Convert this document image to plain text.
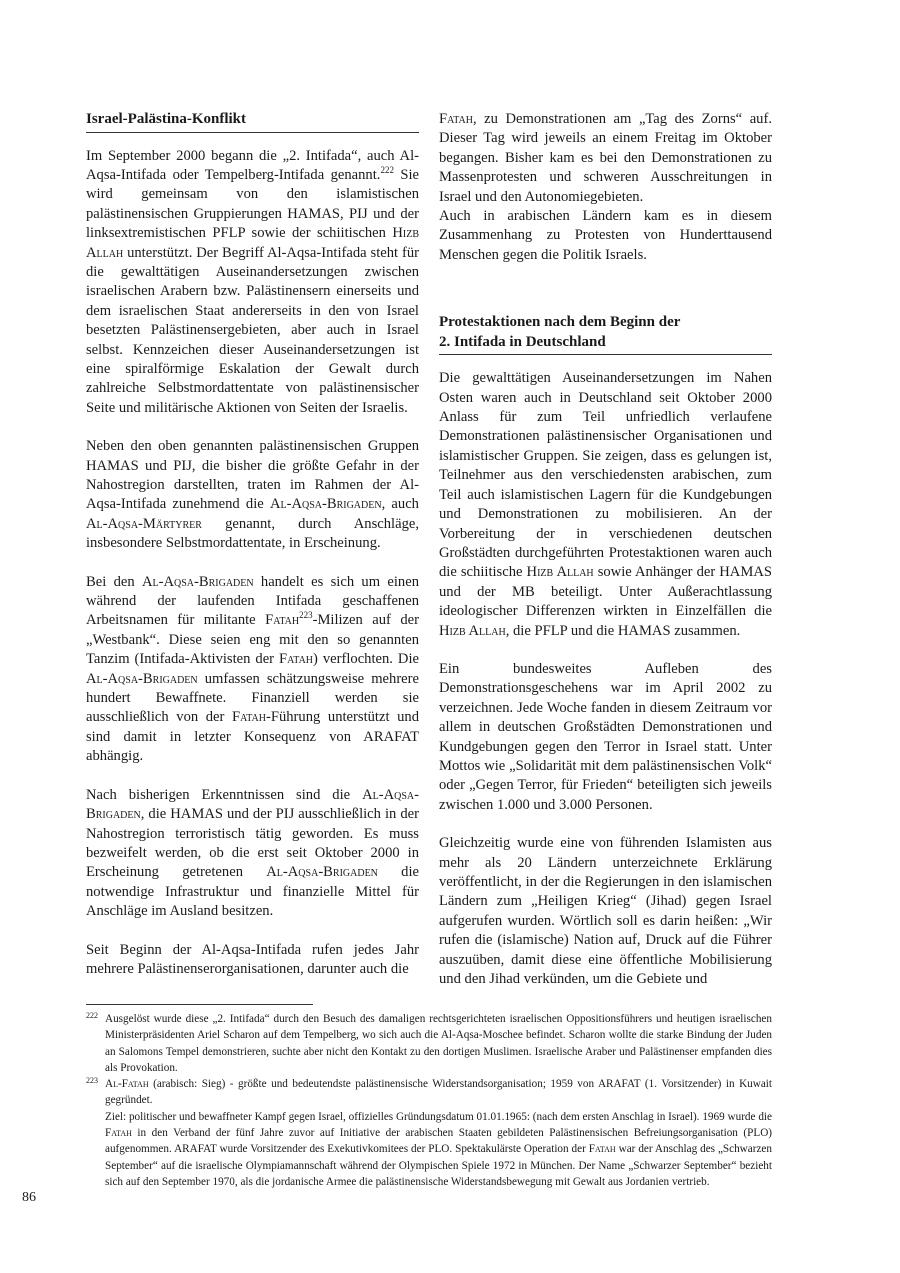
Israel-Palästina-Konflikt

Im September 2000 begann die „2. Intifada“, auch Al-Aqsa-Intifada oder Tempelberg-Intifada genannt.$^{222}$ Sie wird gemeinsam von den islamistischen palästinensischen Gruppierungen HAMAS, PIJ und der linksextremistischen PFLP sowie der schiitischen Hizb Allah unterstützt. Der Begriff Al-Aqsa-Intifada steht für die gewalttätigen Auseinandersetzungen zwischen israelischen Arabern bzw. Palästinensern einerseits und dem israelischen Staat andererseits in den von Israel besetzten Palästinensergebieten, aber auch in Israel selbst. Kennzeichen dieser Auseinandersetzungen ist eine spiralförmige Eskalation der Gewalt durch zahlreiche Selbstmordattentate von palästinensischer Seite und militärische Aktionen von Seiten der Israelis.

Neben den oben genannten palästinensischen Gruppen HAMAS und PIJ, die bisher die größte Gefahr in der Nahostregion darstellten, traten im Rahmen der Al-Aqsa-Intifada zunehmend die Al-Aqsa-Brigaden, auch Al-Aqsa-Märtyrer genannt, durch Anschläge, insbesondere Selbstmordattentate, in Erscheinung.

Bei den Al-Aqsa-Brigaden handelt es sich um einen während der laufenden Intifada geschaffenen Arbeitsnamen für militante Fatah$^{223}$-Milizen auf der „Westbank“. Diese seien eng mit den so genannten Tanzim (Intifada-Aktivisten der Fatah) verflochten. Die Al-Aqsa-Brigaden umfassen schätzungsweise mehrere hundert Bewaffnete. Finanziell werden sie ausschließlich von der Fatah-Führung unterstützt und sind damit in letzter Konsequenz von ARAFAT abhängig.

Nach bisherigen Erkenntnissen sind die Al-Aqsa-Brigaden, die HAMAS und der PIJ ausschließlich in der Nahostregion terroristisch tätig geworden. Es muss bezweifelt werden, ob die erst seit Oktober 2000 in Erscheinung getretenen Al-Aqsa-Brigaden die notwendige Infrastruktur und finanzielle Mittel für Anschläge im Ausland besitzen.

Seit Beginn der Al-Aqsa-Intifada rufen jedes Jahr mehrere Palästinenserorganisationen, darunter auch die

Fatah, zu Demonstrationen am „Tag des Zorns“ auf. Dieser Tag wird jeweils an einem Freitag im Oktober begangen. Bisher kam es bei den Demonstrationen zu Massenprotesten und schweren Ausschreitungen in Israel und den Autonomiegebieten.

Auch in arabischen Ländern kam es in diesem Zusammenhang zu Protesten von Hunderttausend Menschen gegen die Politik Israels.

Protestaktionen nach dem Beginn der
2. Intifada in Deutschland

Die gewalttätigen Auseinandersetzungen im Nahen Osten waren auch in Deutschland seit Oktober 2000 Anlass für zum Teil unfriedlich verlaufene Demonstrationen palästinensischer Organisationen und islamistischer Gruppen. Sie zeigen, dass es gelungen ist, Teilnehmer aus den verschiedensten arabischen, zum Teil auch islamistischen Lagern für die Kundgebungen und Demonstrationen zu mobilisieren. An der Vorbereitung der in verschiedenen deutschen Großstädten durchgeführten Protestaktionen waren auch die schiitische Hizb Allah sowie Anhänger der HAMAS und der MB beteiligt. Unter Außerachtlassung ideologischer Differenzen wirkten in Einzelfällen die Hizb Allah, die PFLP und die HAMAS zusammen.

Ein bundesweites Aufleben des Demonstrationsgeschehens war im April 2002 zu verzeichnen. Jede Woche fanden in diesem Zeitraum vor allem in deutschen Großstädten Demonstrationen und Kundgebungen gegen den Terror in Israel statt. Unter Mottos wie „Solidarität mit dem palästinensischen Volk“ oder „Gegen Terror, für Frieden“ beteiligten sich jeweils zwischen 1.000 und 3.000 Personen.

Gleichzeitig wurde eine von führenden Islamisten aus mehr als 20 Ländern unterzeichnete Erklärung veröffentlicht, in der die Regierungen in den islamischen Ländern zum „Heiligen Krieg“ (Jihad) gegen Israel aufgerufen wurden. Wörtlich soll es darin heißen: „Wir rufen die (islamische) Nation auf, Druck auf die Führer auszuüben, damit diese eine öffentliche Mobilisierung und den Jihad verkünden, um die Gebiete und

222 Ausgelöst wurde diese „2. Intifada“ durch den Besuch des damaligen rechtsgerichteten israelischen Oppositionsführers und heutigen israelischen Ministerpräsidenten Ariel Scharon auf dem Tempelberg, wo sich auch die Al-Aqsa-Moschee befindet. Scharon wollte die starke Bindung der Juden an Salomons Tempel demonstrieren, suchte aber nicht den Kontakt zu den dortigen Muslimen. Israelische Araber und Palästinenser empfanden dies als Provokation.
223 Al-Fatah (arabisch: Sieg) - größte und bedeutendste palästinensische Widerstandsorganisation; 1959 von ARAFAT (1. Vorsitzender) in Kuwait gegründet.
Ziel: politischer und bewaffneter Kampf gegen Israel, offizielles Gründungsdatum 01.01.1965: (nach dem ersten Anschlag in Israel). 1969 wurde die Fatah in den Verband der fünf Jahre zuvor auf Initiative der arabischen Staaten gebildeten Palästinensischen Befreiungsorganisation (PLO) aufgenommen. ARAFAT wurde Vorsitzender des Exekutivkomitees der PLO. Spektakulärste Operation der Fatah war der Anschlag des „Schwarzen September“ auf die israelische Olympiamannschaft während der Olympischen Spiele 1972 in München. Der Name „Schwarzer September“ bezieht sich auf den September 1970, als die jordanische Armee die palästinensische Widerstandsbewegung mit Gewalt aus Jordanien vertrieb.
86
